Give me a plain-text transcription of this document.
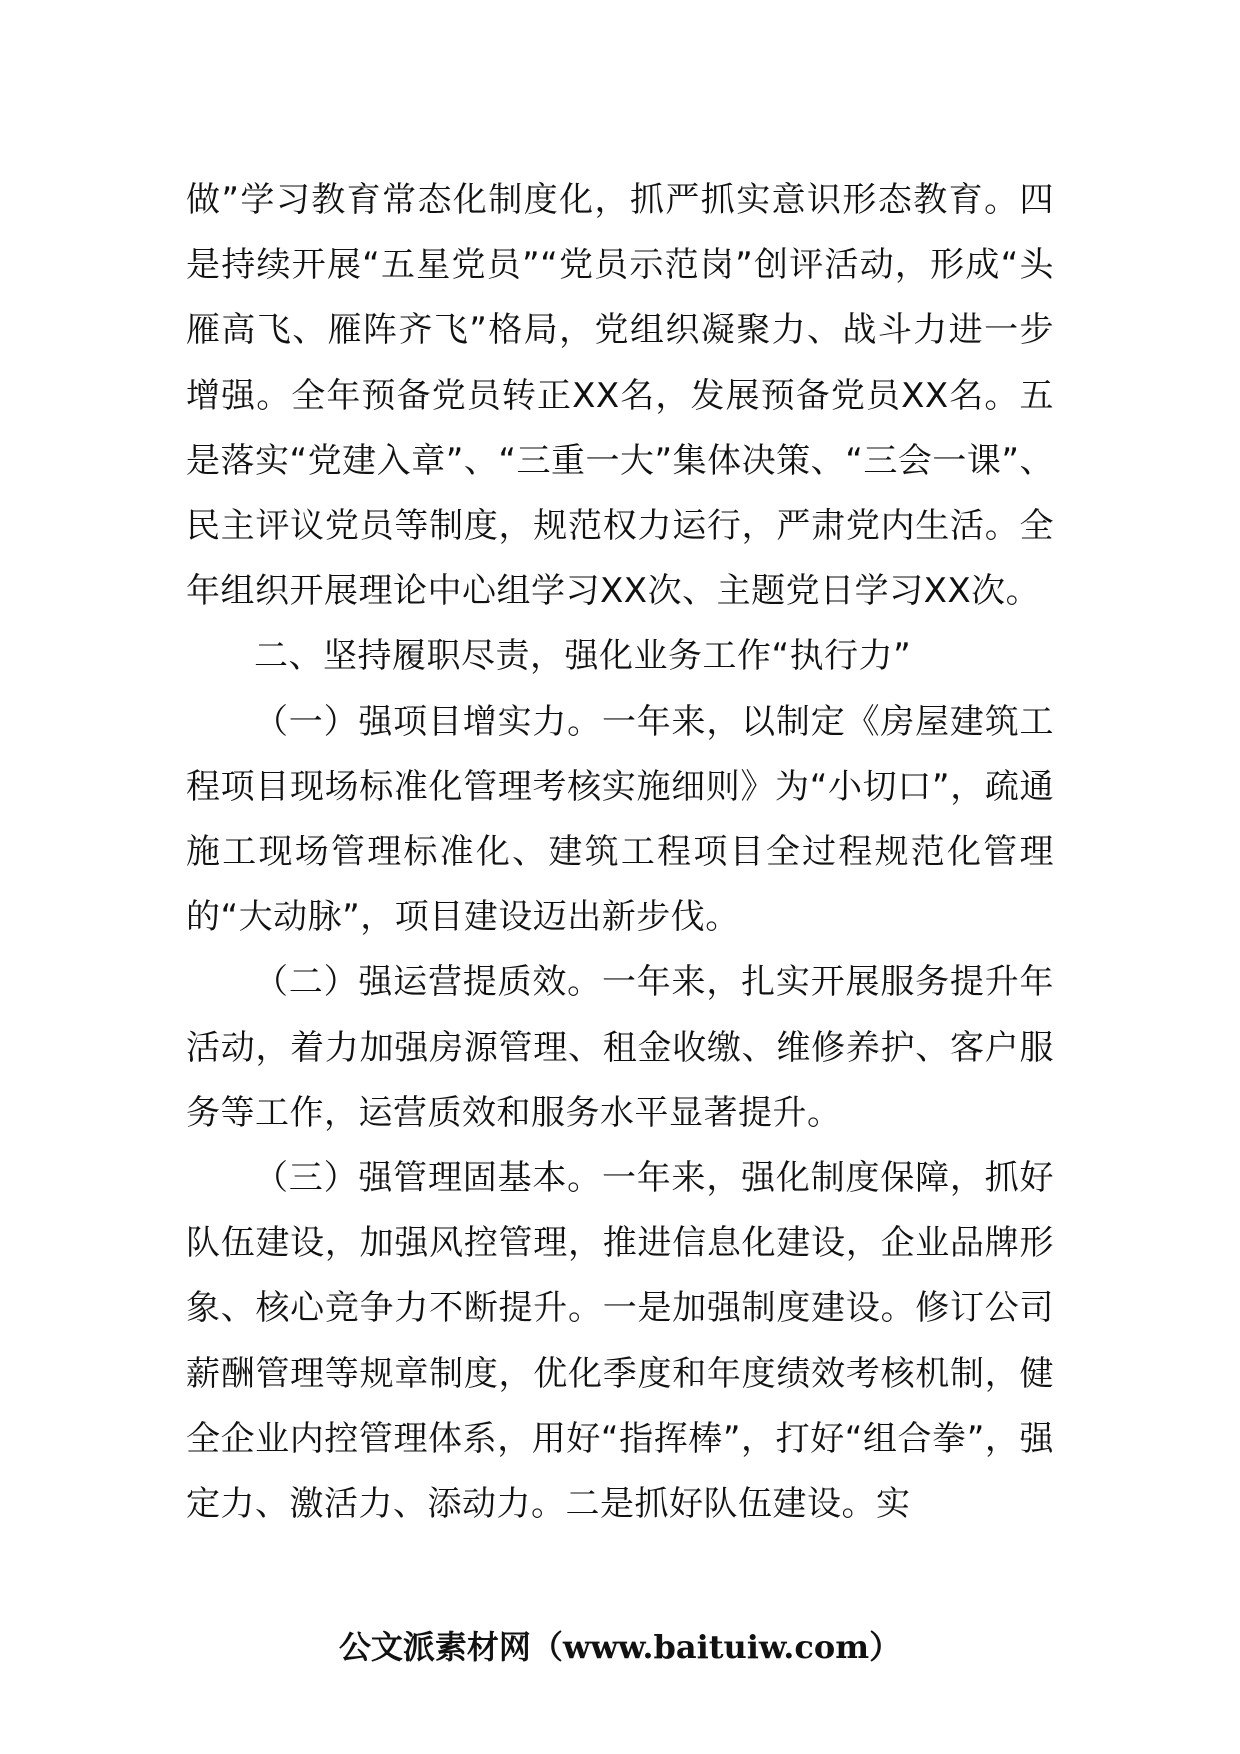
做”学习教育常态化制度化，抓严抓实意识形态教育。四是持续开展“五星党员”“党员示范岗”创评活动，形成“头雁高飞、雁阵齐飞”格局，党组织凝聚力、战斗力进一步增强。全年预备党员转正XX名，发展预备党员XX名。五是落实“党建入章”、“三重一大”集体决策、“三会一课”、民主评议党员等制度，规范权力运行，严肃党内生活。全年组织开展理论中心组学习XX次、主题党日学习XX次。

二、坚持履职尽责，强化业务工作“执行力”

（一）强项目增实力。一年来，以制定《房屋建筑工程项目现场标准化管理考核实施细则》为“小切口”，疏通施工现场管理标准化、建筑工程项目全过程规范化管理的“大动脉”，项目建设迈出新步伐。

（二）强运营提质效。一年来，扎实开展服务提升年活动，着力加强房源管理、租金收缴、维修养护、客户服务等工作，运营质效和服务水平显著提升。

（三）强管理固基本。一年来，强化制度保障，抓好队伍建设，加强风控管理，推进信息化建设，企业品牌形象、核心竞争力不断提升。一是加强制度建设。修订公司薪酬管理等规章制度，优化季度和年度绩效考核机制，健全企业内控管理体系，用好“指挥棒”，打好“组合拳”，强定力、激活力、添动力。二是抓好队伍建设。实

公文派素材网（www.baituiw.com）
